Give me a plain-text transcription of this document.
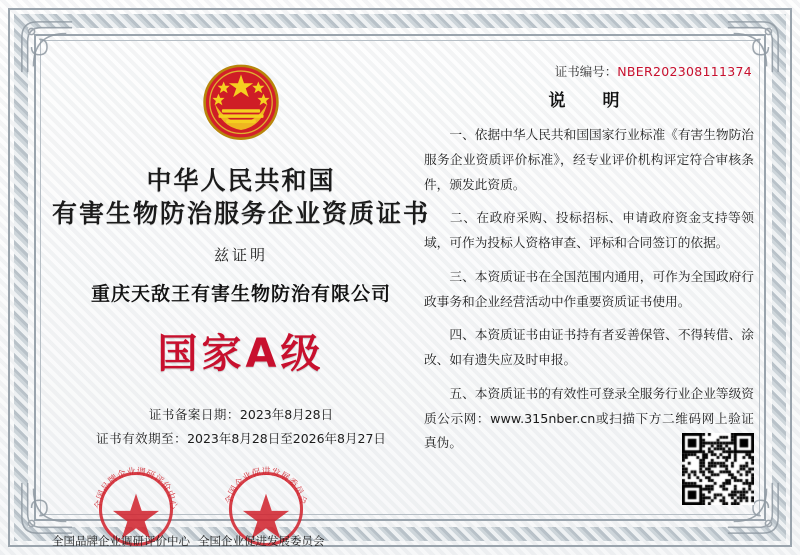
证书编号：NBER202308111374
中华人民共和国
有害生物防治服务企业资质证书
兹证明
重庆天敌王有害生物防治有限公司
国家A级
证书备案日期：2023年8月28日
证书有效期至：2023年8月28日至2026年8月27日
全国品牌企业调研评价中心	全国企业促进发展委员会
全国品牌企业调研评价中心 全国企业促进发展委员会
说　明

一、依据中华人民共和国国家行业标准《有害生物防治服务企业资质评价标准》，经专业评价机构评定符合审核条件，颁发此资质。

二、在政府采购、投标招标、申请政府资金支持等领域，可作为投标人资格审查、评标和合同签订的依据。

三、本资质证书在全国范围内通用，可作为全国政府行政事务和企业经营活动中作重要资质证书使用。

四、本资质证书由证书持有者妥善保管、不得转借、涂改、如有遗失应及时申报。

五、本资质证书的有效性可登录全服务行业企业等级资质公示网：www.315nber.cn或扫描下方二维码网上验证真伪。
